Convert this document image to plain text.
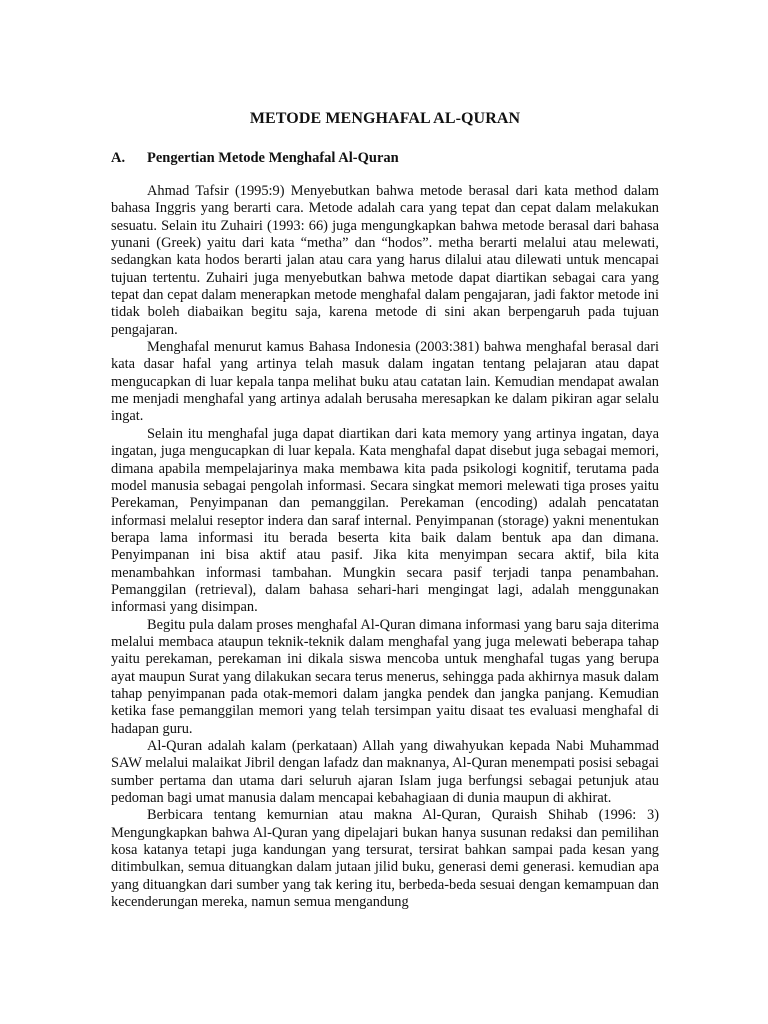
METODE MENGHAFAL AL-QURAN
A. Pengertian Metode Menghafal Al-Quran

Ahmad Tafsir (1995:9) Menyebutkan bahwa metode berasal dari kata method dalam bahasa Inggris yang berarti cara. Metode adalah cara yang tepat dan cepat dalam melakukan sesuatu. Selain itu Zuhairi (1993: 66) juga mengungkapkan bahwa metode berasal dari bahasa yunani (Greek) yaitu dari kata “metha” dan “hodos”. metha berarti melalui atau melewati, sedangkan kata hodos berarti jalan atau cara yang harus dilalui atau dilewati untuk mencapai tujuan tertentu. Zuhairi juga menyebutkan bahwa metode dapat diartikan sebagai cara yang tepat dan cepat dalam menerapkan metode menghafal dalam pengajaran, jadi faktor metode ini tidak boleh diabaikan begitu saja, karena metode di sini akan berpengaruh pada tujuan pengajaran.

Menghafal menurut kamus Bahasa Indonesia (2003:381) bahwa menghafal berasal dari kata dasar hafal yang artinya telah masuk dalam ingatan tentang pelajaran atau dapat mengucapkan di luar kepala tanpa melihat buku atau catatan lain. Kemudian mendapat awalan me menjadi menghafal yang artinya adalah berusaha meresapkan ke dalam pikiran agar selalu ingat.

Selain itu menghafal juga dapat diartikan dari kata memory yang artinya ingatan, daya ingatan, juga mengucapkan di luar kepala. Kata menghafal dapat disebut juga sebagai memori, dimana apabila mempelajarinya maka membawa kita pada psikologi kognitif, terutama pada model manusia sebagai pengolah informasi. Secara singkat memori melewati tiga proses yaitu Perekaman, Penyimpanan dan pemanggilan. Perekaman (encoding) adalah pencatatan informasi melalui reseptor indera dan saraf internal. Penyimpanan (storage) yakni menentukan berapa lama informasi itu berada beserta kita baik dalam bentuk apa dan dimana. Penyimpanan ini bisa aktif atau pasif. Jika kita menyimpan secara aktif, bila kita menambahkan informasi tambahan. Mungkin secara pasif terjadi tanpa penambahan. Pemanggilan (retrieval), dalam bahasa sehari-hari mengingat lagi, adalah menggunakan informasi yang disimpan.

Begitu pula dalam proses menghafal Al-Quran dimana informasi yang baru saja diterima melalui membaca ataupun teknik-teknik dalam menghafal yang juga melewati beberapa tahap yaitu perekaman, perekaman ini dikala siswa mencoba untuk menghafal tugas yang berupa ayat maupun Surat yang dilakukan secara terus menerus, sehingga pada akhirnya masuk dalam tahap penyimpanan pada otak-memori dalam jangka pendek dan jangka panjang. Kemudian ketika fase pemanggilan memori yang telah tersimpan yaitu disaat tes evaluasi menghafal di hadapan guru.

Al-Quran adalah kalam (perkataan) Allah yang diwahyukan kepada Nabi Muhammad SAW melalui malaikat Jibril dengan lafadz dan maknanya, Al-Quran menempati posisi sebagai sumber pertama dan utama dari seluruh ajaran Islam juga berfungsi sebagai petunjuk atau pedoman bagi umat manusia dalam mencapai kebahagiaan di dunia maupun di akhirat.

Berbicara tentang kemurnian atau makna Al-Quran, Quraish Shihab (1996: 3) Mengungkapkan bahwa Al-Quran yang dipelajari bukan hanya susunan redaksi dan pemilihan kosa katanya tetapi juga kandungan yang tersurat, tersirat bahkan sampai pada kesan yang ditimbulkan, semua dituangkan dalam jutaan jilid buku, generasi demi generasi. kemudian apa yang dituangkan dari sumber yang tak kering itu, berbeda-beda sesuai dengan kemampuan dan kecenderungan mereka, namun semua mengandung
